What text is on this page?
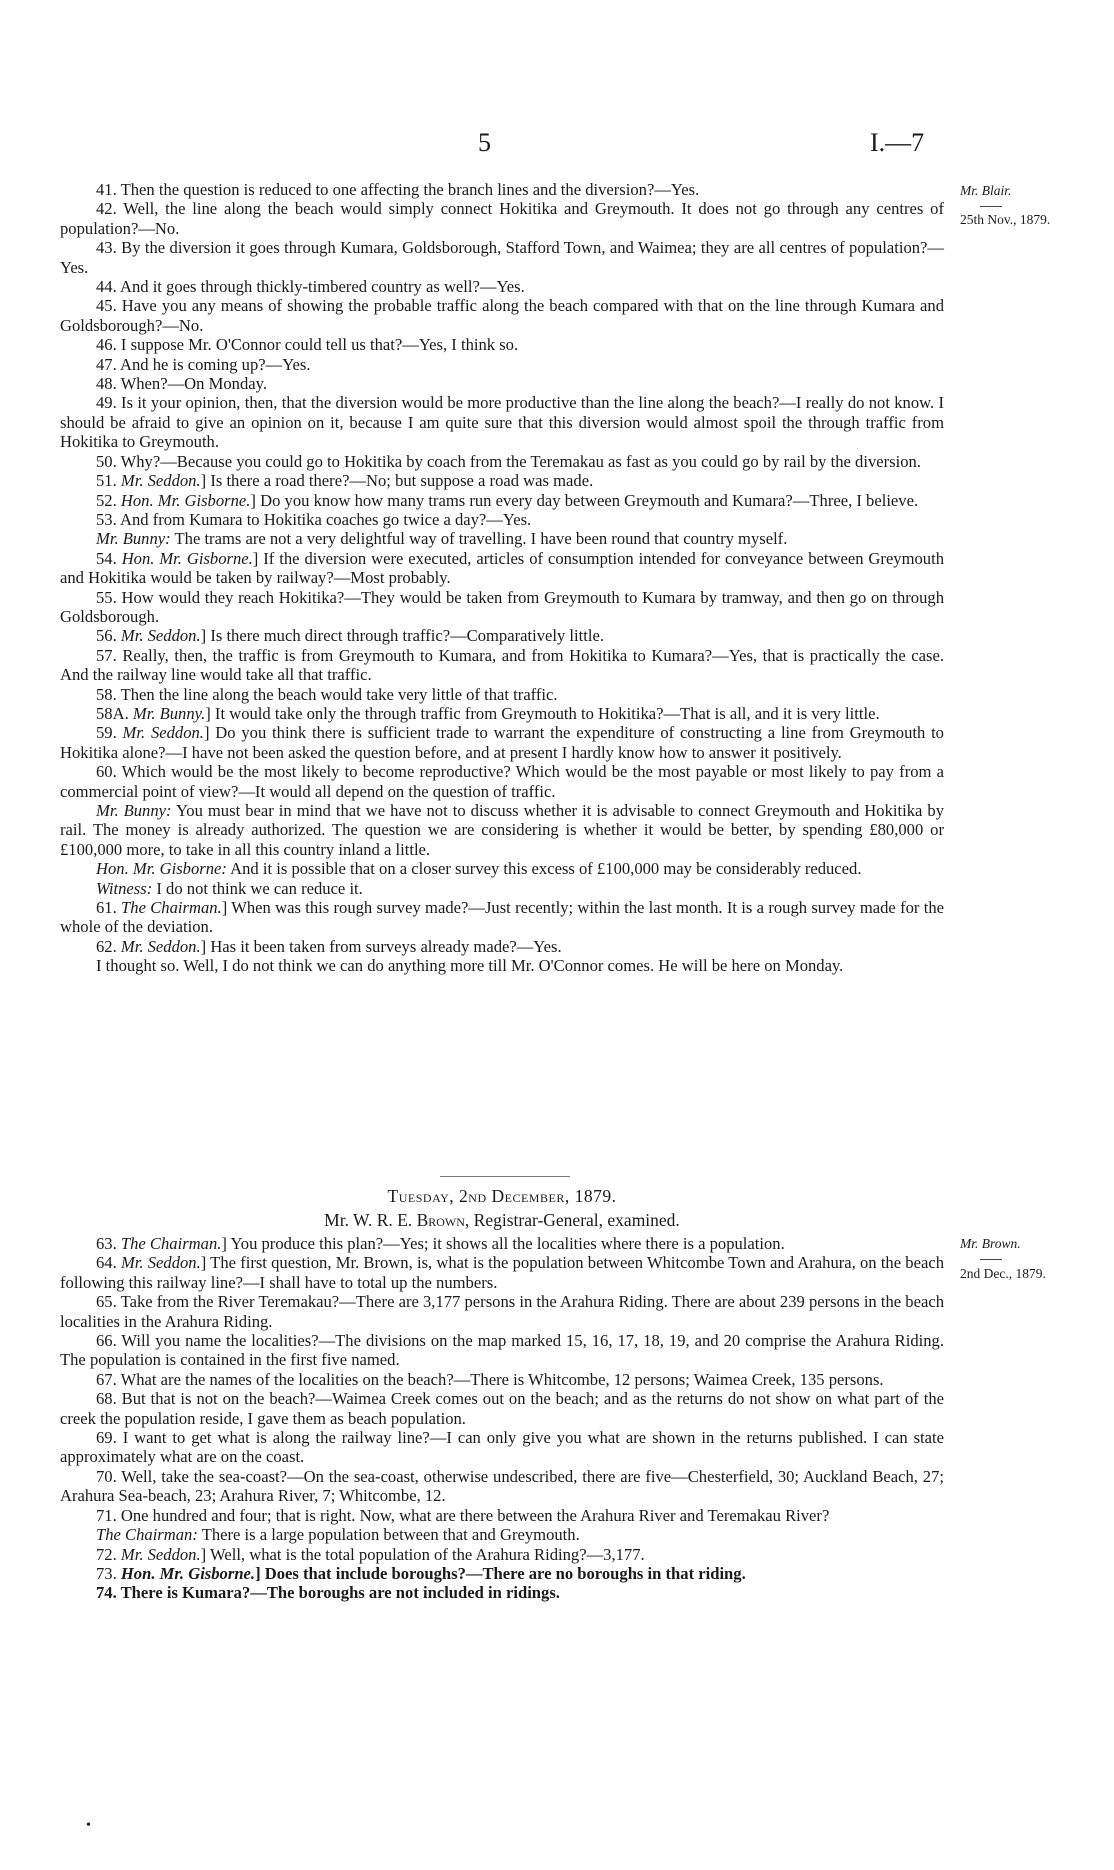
5	I.—7
Mr. Blair.
25th Nov., 1879.

41. Then the question is reduced to one affecting the branch lines and the diversion?—Yes.

42. Well, the line along the beach would simply connect Hokitika and Greymouth. It does not go through any centres of population?—No.

43. By the diversion it goes through Kumara, Goldsborough, Stafford Town, and Waimea; they are all centres of population?—Yes.

44. And it goes through thickly-timbered country as well?—Yes.

45. Have you any means of showing the probable traffic along the beach compared with that on the line through Kumara and Goldsborough?—No.

46. I suppose Mr. O'Connor could tell us that?—Yes, I think so.

47. And he is coming up?—Yes.

48. When?—On Monday.

49. Is it your opinion, then, that the diversion would be more productive than the line along the beach?—I really do not know. I should be afraid to give an opinion on it, because I am quite sure that this diversion would almost spoil the through traffic from Hokitika to Greymouth.

50. Why?—Because you could go to Hokitika by coach from the Teremakau as fast as you could go by rail by the diversion.

51. Mr. Seddon.] Is there a road there?—No; but suppose a road was made.

52. Hon. Mr. Gisborne.] Do you know how many trams run every day between Greymouth and Kumara?—Three, I believe.

53. And from Kumara to Hokitika coaches go twice a day?—Yes.

Mr. Bunny: The trams are not a very delightful way of travelling. I have been round that country myself.

54. Hon. Mr. Gisborne.] If the diversion were executed, articles of consumption intended for conveyance between Greymouth and Hokitika would be taken by railway?—Most probably.

55. How would they reach Hokitika?—They would be taken from Greymouth to Kumara by tramway, and then go on through Goldsborough.

56. Mr. Seddon.] Is there much direct through traffic?—Comparatively little.

57. Really, then, the traffic is from Greymouth to Kumara, and from Hokitika to Kumara?—Yes, that is practically the case. And the railway line would take all that traffic.

58. Then the line along the beach would take very little of that traffic.

58A. Mr. Bunny.] It would take only the through traffic from Greymouth to Hokitika?—That is all, and it is very little.

59. Mr. Seddon.] Do you think there is sufficient trade to warrant the expenditure of constructing a line from Greymouth to Hokitika alone?—I have not been asked the question before, and at present I hardly know how to answer it positively.

60. Which would be the most likely to become reproductive? Which would be the most payable or most likely to pay from a commercial point of view?—It would all depend on the question of traffic.

Mr. Bunny: You must bear in mind that we have not to discuss whether it is advisable to connect Greymouth and Hokitika by rail. The money is already authorized. The question we are considering is whether it would be better, by spending £80,000 or £100,000 more, to take in all this country inland a little.

Hon. Mr. Gisborne: And it is possible that on a closer survey this excess of £100,000 may be considerably reduced.

Witness: I do not think we can reduce it.

61. The Chairman.] When was this rough survey made?—Just recently; within the last month. It is a rough survey made for the whole of the deviation.

62. Mr. Seddon.] Has it been taken from surveys already made?—Yes.

I thought so. Well, I do not think we can do anything more till Mr. O'Connor comes. He will be here on Monday.

Tuesday, 2nd December, 1879.
Mr. W. R. E. Brown, Registrar-General, examined.
Mr. Brown.
2nd Dec., 1879.

63. The Chairman.] You produce this plan?—Yes; it shows all the localities where there is a population.

64. Mr. Seddon.] The first question, Mr. Brown, is, what is the population between Whitcombe Town and Arahura, on the beach following this railway line?—I shall have to total up the numbers.

65. Take from the River Teremakau?—There are 3,177 persons in the Arahura Riding. There are about 239 persons in the beach localities in the Arahura Riding.

66. Will you name the localities?—The divisions on the map marked 15, 16, 17, 18, 19, and 20 comprise the Arahura Riding. The population is contained in the first five named.

67. What are the names of the localities on the beach?—There is Whitcombe, 12 persons; Waimea Creek, 135 persons.

68. But that is not on the beach?—Waimea Creek comes out on the beach; and as the returns do not show on what part of the creek the population reside, I gave them as beach population.

69. I want to get what is along the railway line?—I can only give you what are shown in the returns published. I can state approximately what are on the coast.

70. Well, take the sea-coast?—On the sea-coast, otherwise undescribed, there are five—Chesterfield, 30; Auckland Beach, 27; Arahura Sea-beach, 23; Arahura River, 7; Whitcombe, 12.

71. One hundred and four; that is right. Now, what are there between the Arahura River and Teremakau River?

The Chairman: There is a large population between that and Greymouth.

72. Mr. Seddon.] Well, what is the total population of the Arahura Riding?—3,177.

73. Hon. Mr. Gisborne.] Does that include boroughs?—There are no boroughs in that riding.

74. There is Kumara?—The boroughs are not included in ridings.

•
